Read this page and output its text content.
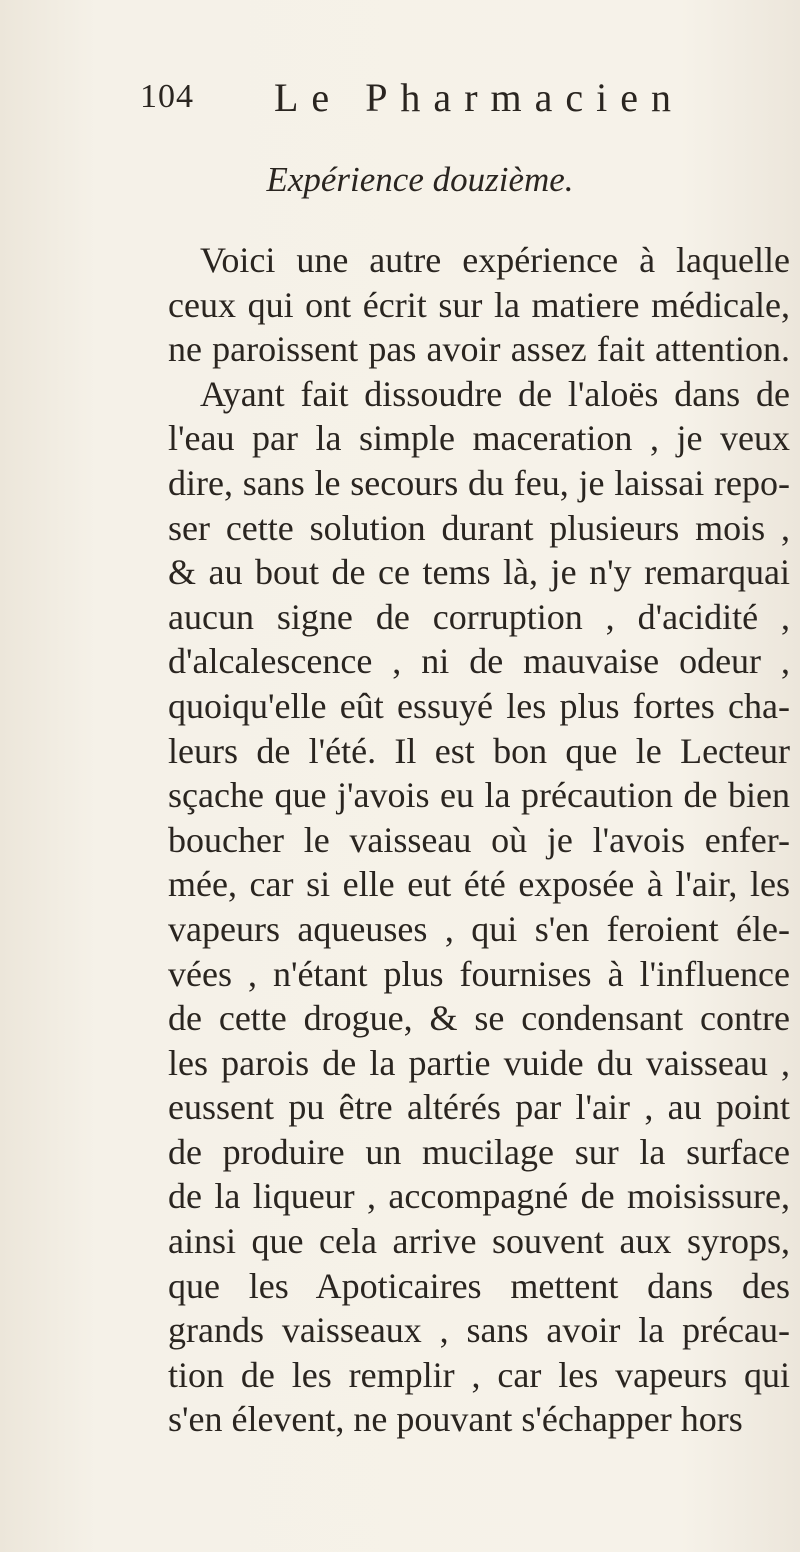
104 Le Pharmacien
Expérience douzième.
Voici une autre expérience à laquelle
ceux qui ont écrit sur la matiere médicale,
ne paroissent pas avoir assez fait attention.
Ayant fait dissoudre de l'aloës dans de
l'eau par la simple maceration , je veux
dire, sans le secours du feu, je laissai repo-
ser cette solution durant plusieurs mois ,
& au bout de ce tems là, je n'y remarquai
aucun signe de corruption , d'acidité ,
d'alcalescence , ni de mauvaise odeur ,
quoiqu'elle eût essuyé les plus fortes cha-
leurs de l'été. Il est bon que le Lecteur
sçache que j'avois eu la précaution de bien
boucher le vaisseau où je l'avois enfer-
mée, car si elle eut été exposée à l'air, les
vapeurs aqueuses , qui s'en feroient éle-
vées , n'étant plus fournises à l'influence
de cette drogue, & se condensant contre
les parois de la partie vuide du vaisseau ,
eussent pu être altérés par l'air , au point
de produire un mucilage sur la surface
de la liqueur , accompagné de moisissure,
ainsi que cela arrive souvent aux syrops,
que les Apoticaires mettent dans des
grands vaisseaux , sans avoir la précau-
tion de les remplir , car les vapeurs qui
s'en élevent, ne pouvant s'échapper hors
